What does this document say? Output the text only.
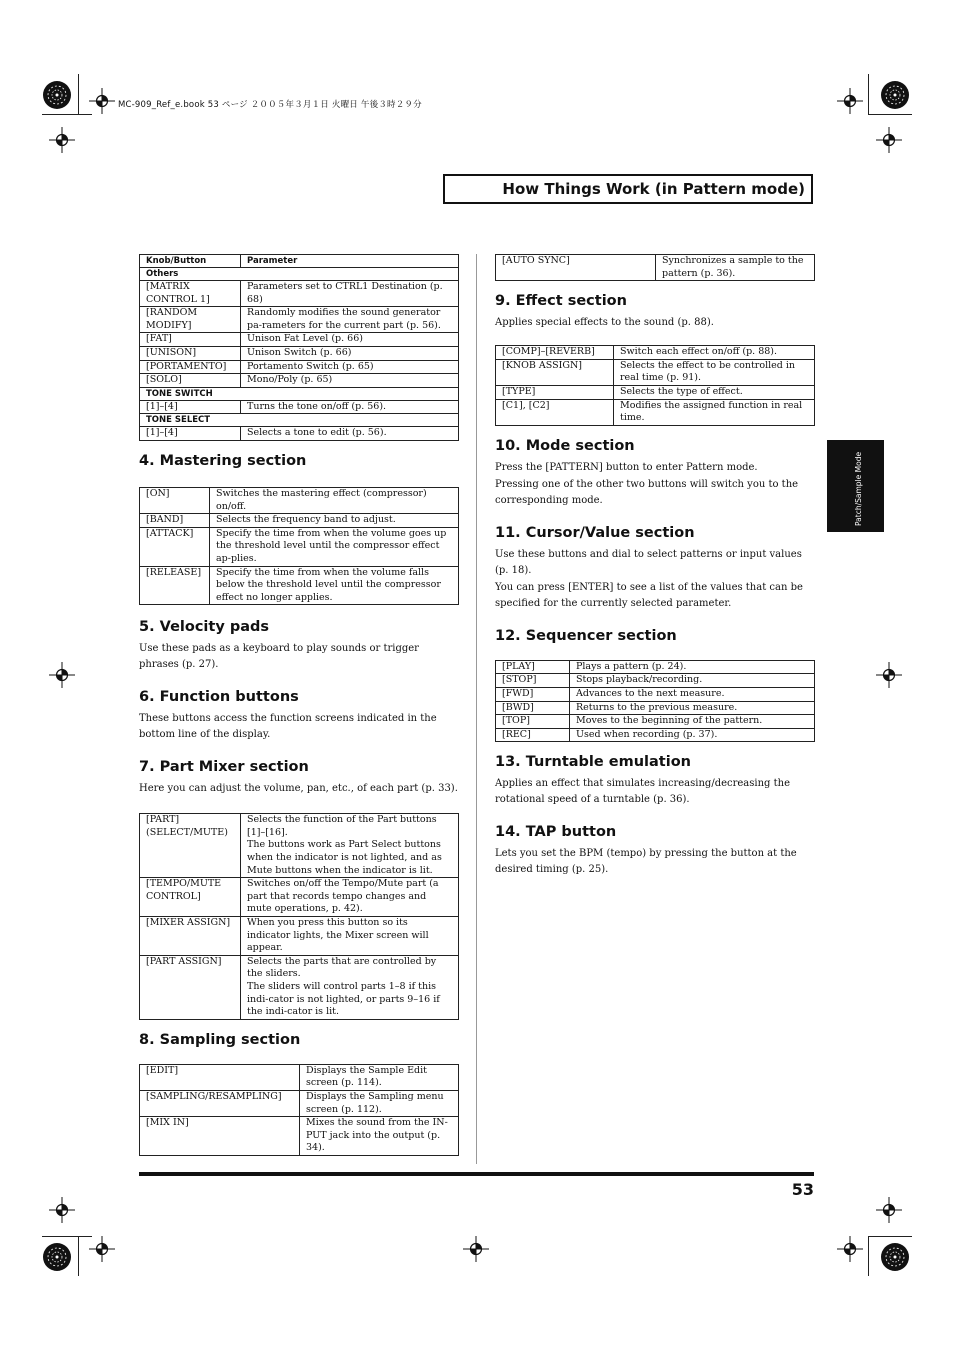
MC-909_Ref_e.book 53 ページ ２００５年３月１日 火曜日 午後３時２９分
How Things Work (in Pattern mode)
Patch/Sample Mode
Knob/Button	Parameter
Others	
[MATRIX CONTROL 1]	Parameters set to CTRL1 Destination (p. 68)
[RANDOM MODIFY]	Randomly modifies the sound generator pa-rameters for the current part (p. 56).
[FAT]	Unison Fat Level (p. 66)
[UNISON]	Unison Switch (p. 66)
[PORTAMENTO]	Portamento Switch (p. 65)
[SOLO]	Mono/Poly (p. 65)
TONE SWITCH	
[1]–[4]	Turns the tone on/off (p. 56).
TONE SELECT	
[1]–[4]	Selects a tone to edit (p. 56).
4. Mastering section
[ON]	Switches the mastering effect (compressor) on/off.
[BAND]	Selects the frequency band to adjust.
[ATTACK]	Specify the time from when the volume goes up the threshold level until the compressor effect ap-plies.
[RELEASE]	Specify the time from when the volume falls below the threshold level until the compressor effect no longer applies.
5. Velocity pads

Use these pads as a keyboard to play sounds or trigger phrases (p. 27).

6. Function buttons

These buttons access the function screens indicated in the bottom line of the display.

7. Part Mixer section

Here you can adjust the volume, pan, etc., of each part (p. 33).

[PART] (SELECT/MUTE)	Selects the function of the Part buttons [1]–[16].
The buttons work as Part Select buttons when the indicator is not lighted, and as Mute buttons when the indicator is lit.
[TEMPO/MUTE CONTROL]	Switches on/off the Tempo/Mute part (a part that records tempo changes and mute operations, p. 42).
[MIXER ASSIGN]	When you press this button so its indicator lights, the Mixer screen will appear.
[PART ASSIGN]	Selects the parts that are controlled by the sliders.
The sliders will control parts 1–8 if this indi-cator is not lighted, or parts 9–16 if the indi-cator is lit.
8. Sampling section
[EDIT]	Displays the Sample Edit screen (p. 114).
[SAMPLING/RESAMPLING]	Displays the Sampling menu screen (p. 112).
[MIX IN]	Mixes the sound from the IN-PUT jack into the output (p. 34).
[AUTO SYNC]	Synchronizes a sample to the pattern (p. 36).
9. Effect section

Applies special effects to the sound (p. 88).

[COMP]–[REVERB]	Switch each effect on/off (p. 88).
[KNOB ASSIGN]	Selects the effect to be controlled in real time (p. 91).
[TYPE]	Selects the type of effect.
[C1], [C2]	Modifies the assigned function in real time.
10. Mode section

Press the [PATTERN] button to enter Pattern mode.

Pressing one of the other two buttons will switch you to the corresponding mode.

11. Cursor/Value section

Use these buttons and dial to select patterns or input values (p. 18).

You can press [ENTER] to see a list of the values that can be specified for the currently selected parameter.

12. Sequencer section
[PLAY]	Plays a pattern (p. 24).
[STOP]	Stops playback/recording.
[FWD]	Advances to the next measure.
[BWD]	Returns to the previous measure.
[TOP]	Moves to the beginning of the pattern.
[REC]	Used when recording (p. 37).
13. Turntable emulation

Applies an effect that simulates increasing/decreasing the rotational speed of a turntable (p. 36).

14. TAP button

Lets you set the BPM (tempo) by pressing the button at the desired timing (p. 25).

53
